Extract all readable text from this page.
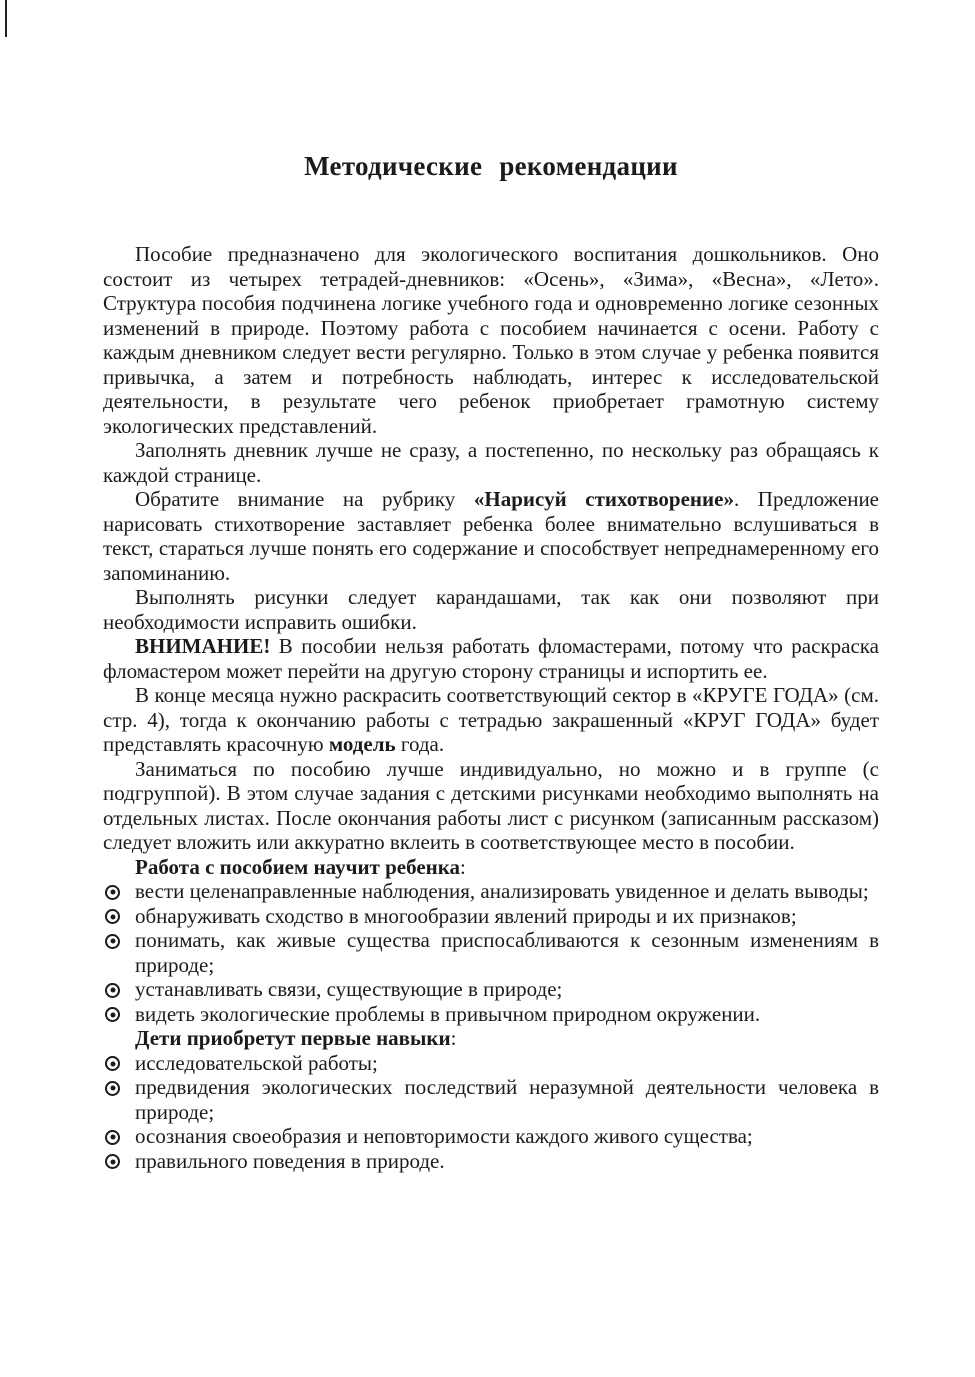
Методические рекомендации

Пособие предназначено для экологического воспитания дошкольников. Оно состоит из четырех тетрадей-дневников: «Осень», «Зима», «Весна», «Лето». Структура пособия подчинена логике учебного года и одновременно логике сезонных изменений в природе. Поэтому работа с пособием начинается с осени. Работу с каждым дневником следует вести регулярно. Только в этом случае у ребенка появится привычка, а затем и потребность наблюдать, интерес к исследовательской деятельности, в результате чего ребенок приобретает грамотную систему экологических представлений.

Заполнять дневник лучше не сразу, а постепенно, по нескольку раз обращаясь к каждой странице.

Обратите внимание на рубрику «Нарисуй стихотворение». Предложение нарисовать стихотворение заставляет ребенка более внимательно вслушиваться в текст, стараться лучше понять его содержание и способствует непреднамеренному его запоминанию.

Выполнять рисунки следует карандашами, так как они позволяют при необходимости исправить ошибки.

ВНИМАНИЕ! В пособии нельзя работать фломастерами, потому что раскраска фломастером может перейти на другую сторону страницы и испортить ее.

В конце месяца нужно раскрасить соответствующий сектор в «КРУГЕ ГОДА» (см. стр. 4), тогда к окончанию работы с тетрадью закрашенный «КРУГ ГОДА» будет представлять красочную модель года.

Заниматься по пособию лучше индивидуально, но можно и в группе (с подгруппой). В этом случае задания с детскими рисунками необходимо выполнять на отдельных листах. После окончания работы лист с рисунком (записанным рассказом) следует вложить или аккуратно вклеить в соответствующее место в пособии.

Работа с пособием научит ребенка:

вести целенаправленные наблюдения, анализировать увиденное и делать выводы;
обнаруживать сходство в многообразии явлений природы и их признаков;
понимать, как живые существа приспосабливаются к сезонным изменениям в природе;
устанавливать связи, существующие в природе;
видеть экологические проблемы в привычном природном окружении.

Дети приобретут первые навыки:

исследовательской работы;
предвидения экологических последствий неразумной деятельности человека в природе;
осознания своеобразия и неповторимости каждого живого существа;
правильного поведения в природе.
